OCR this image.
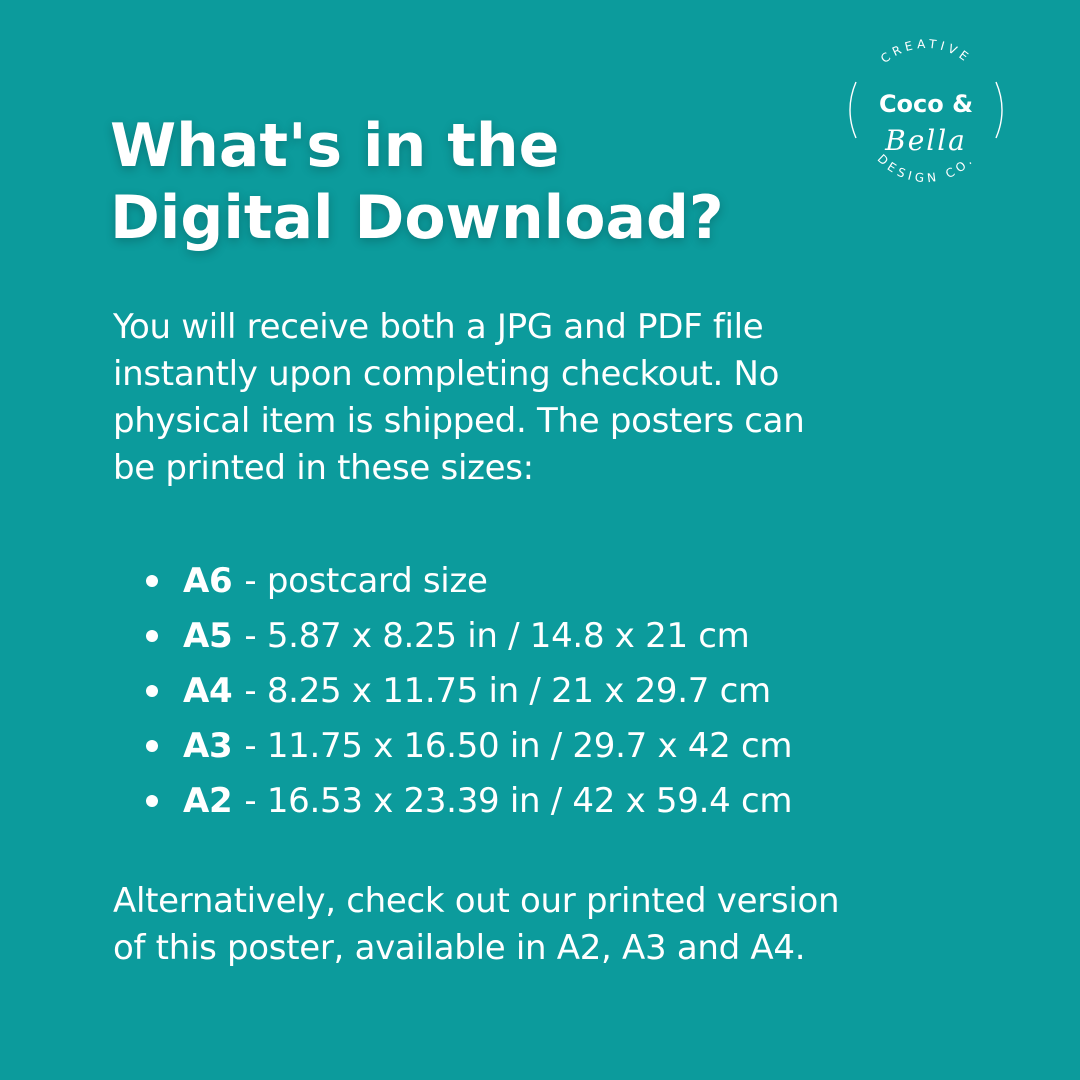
CREATIVE
DESIGN CO.
Coco &
Bella
What's in the
Digital Download?

You will receive both a JPG and PDF file
instantly upon completing checkout. No
physical item is shipped. The posters can
be printed in these sizes:

A6 - postcard size
A5 - 5.87 x 8.25 in / 14.8 x 21 cm
A4 - 8.25 x 11.75 in / 21 x 29.7 cm
A3 - 11.75 x 16.50 in / 29.7 x 42 cm
A2 - 16.53 x 23.39 in / 42 x 59.4 cm

Alternatively, check out our printed version
of this poster, available in A2, A3 and A4.
